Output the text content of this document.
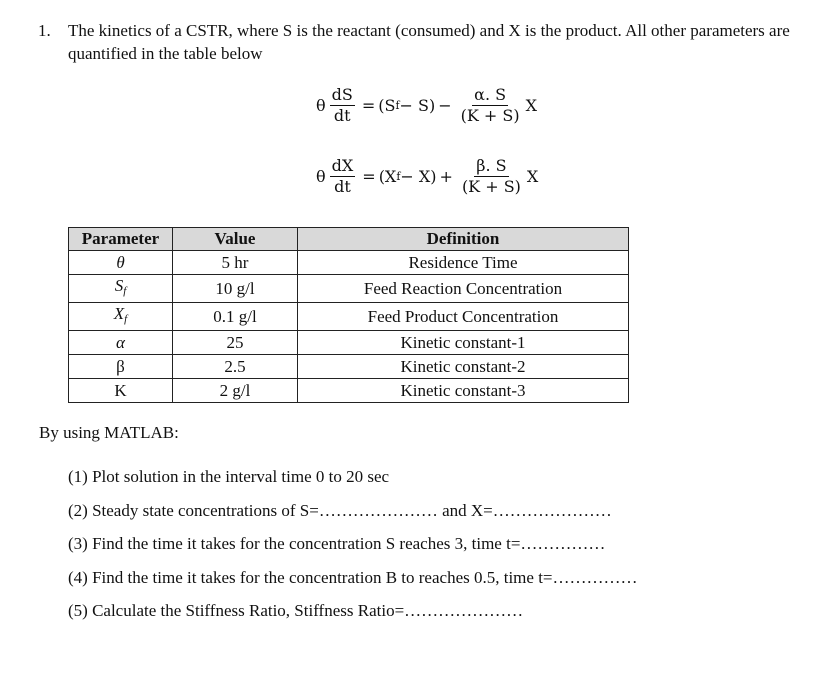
1. The kinetics of a CSTR, where S is the reactant (consumed) and X is the product. All other parameters are quantified in the table below
θ $\frac{dS}{dt} = (S$ $f - S) - \frac{\alpha. S}{(K + S)}$ X
θ $\frac{dX}{dt} = (X$ $f - X) + \frac{\beta. S}{(K + S)}$ X
Parameter	Value	Definition
θ	5 hr	Residence Time
$S_f$	10 g/l	Feed Reaction Concentration
$X_f$	0.1 g/l	Feed Product Concentration
α	25	Kinetic constant-1
β	2.5	Kinetic constant-2
K	2 g/l	Kinetic constant-3
By using MATLAB:
(1) Plot solution in the interval time 0 to 20 sec
(2) Steady state concentrations of S=………………… and X=…………………
(3) Find the time it takes for the concentration S reaches 3, time t=……………
(4) Find the time it takes for the concentration B to reaches 0.5, time t=……………
(5) Calculate the Stiffness Ratio, Stiffness Ratio=…………………
